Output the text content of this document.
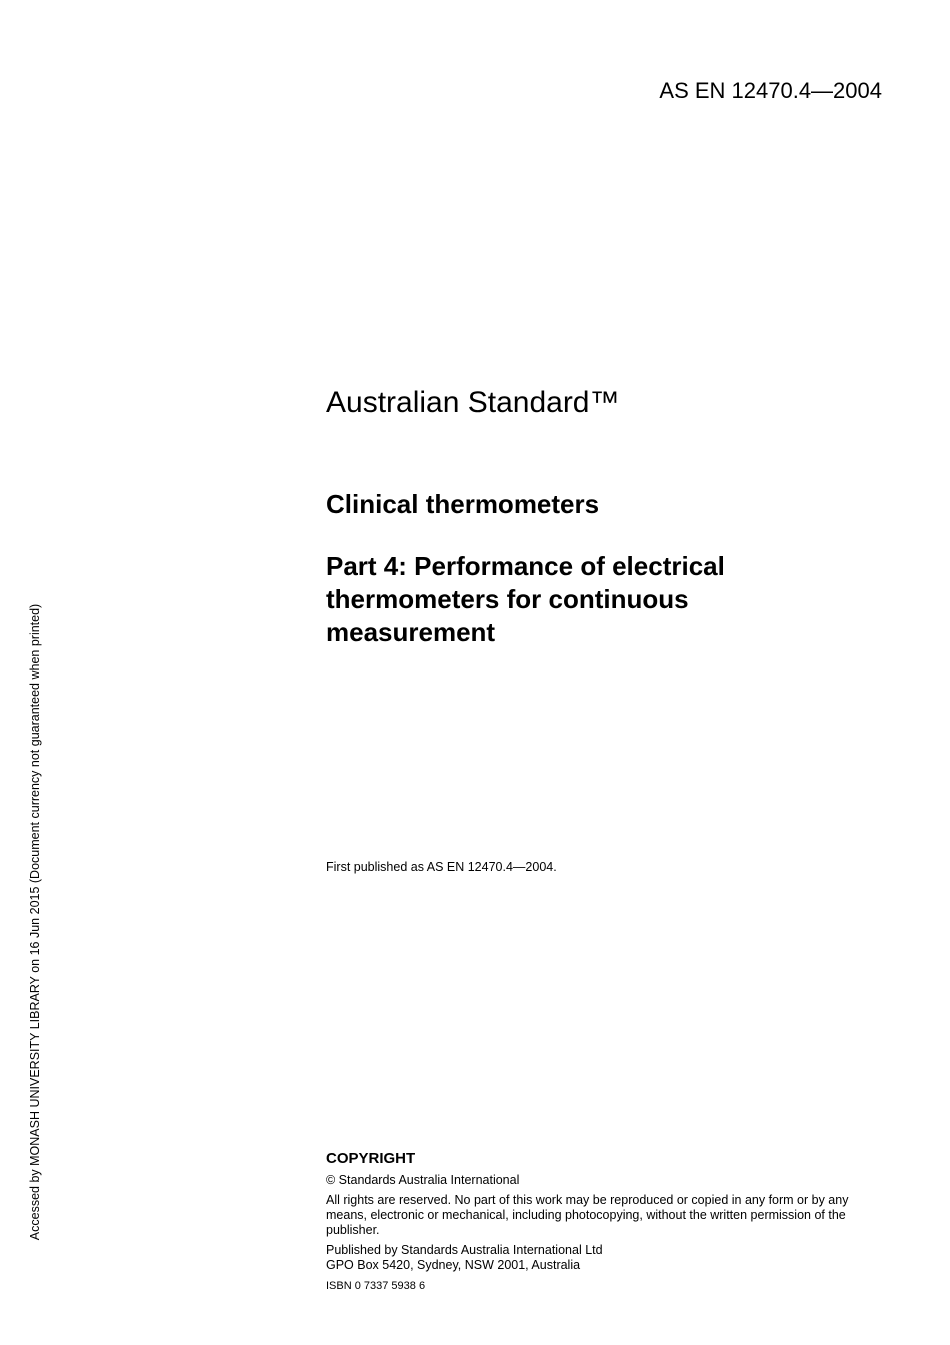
AS EN 12470.4—2004
Australian Standard™
Clinical thermometers
Part 4: Performance of electrical
thermometers for continuous
measurement
First published as AS EN 12470.4—2004.
COPYRIGHT

© Standards Australia International

All rights are reserved. No part of this work may be reproduced or copied in any form or by any means, electronic or mechanical, including photocopying, without the written permission of the publisher.

Published by Standards Australia International Ltd
GPO Box 5420, Sydney, NSW 2001, Australia

ISBN 0 7337 5938 6

Accessed by MONASH UNIVERSITY LIBRARY on 16 Jun 2015 (Document currency not guaranteed when printed)
